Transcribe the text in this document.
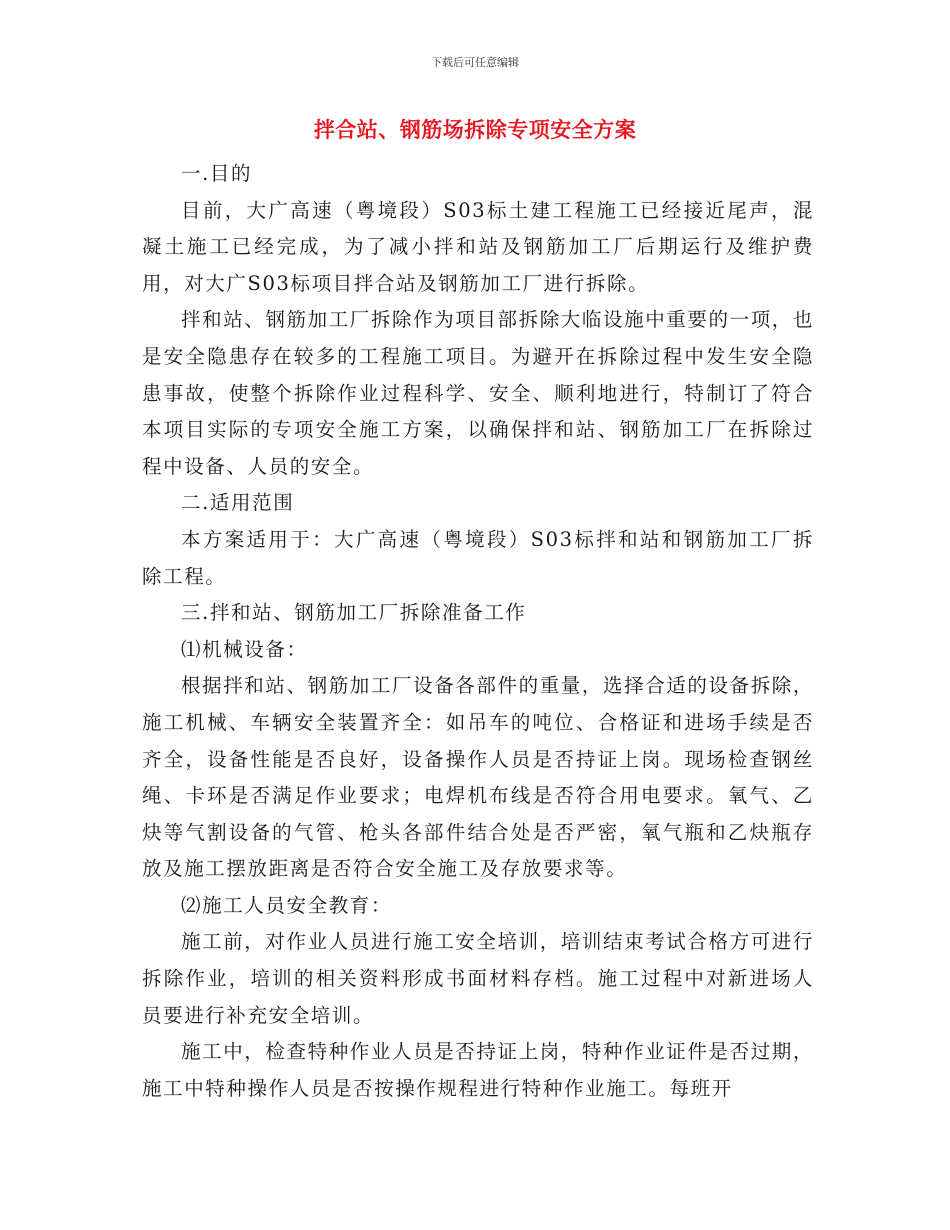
下载后可任意编辑
拌合站、钢筋场拆除专项安全方案

一.目的

目前，大广高速（粤境段）S03标土建工程施工已经接近尾声，混凝土施工已经完成，为了减小拌和站及钢筋加工厂后期运行及维护费用，对大广S03标项目拌合站及钢筋加工厂进行拆除。

拌和站、钢筋加工厂拆除作为项目部拆除大临设施中重要的一项，也是安全隐患存在较多的工程施工项目。为避开在拆除过程中发生安全隐患事故，使整个拆除作业过程科学、安全、顺利地进行，特制订了符合本项目实际的专项安全施工方案，以确保拌和站、钢筋加工厂在拆除过程中设备、人员的安全。

二.适用范围

本方案适用于：大广高速（粤境段）S03标拌和站和钢筋加工厂拆除工程。

三.拌和站、钢筋加工厂拆除准备工作

⑴机械设备：

根据拌和站、钢筋加工厂设备各部件的重量，选择合适的设备拆除，施工机械、车辆安全装置齐全：如吊车的吨位、合格证和进场手续是否齐全，设备性能是否良好，设备操作人员是否持证上岗。现场检查钢丝绳、卡环是否满足作业要求；电焊机布线是否符合用电要求。氧气、乙炔等气割设备的气管、枪头各部件结合处是否严密，氧气瓶和乙炔瓶存放及施工摆放距离是否符合安全施工及存放要求等。

⑵施工人员安全教育：

施工前，对作业人员进行施工安全培训，培训结束考试合格方可进行拆除作业，培训的相关资料形成书面材料存档。施工过程中对新进场人员要进行补充安全培训。

施工中，检查特种作业人员是否持证上岗，特种作业证件是否过期，施工中特种操作人员是否按操作规程进行特种作业施工。每班开
